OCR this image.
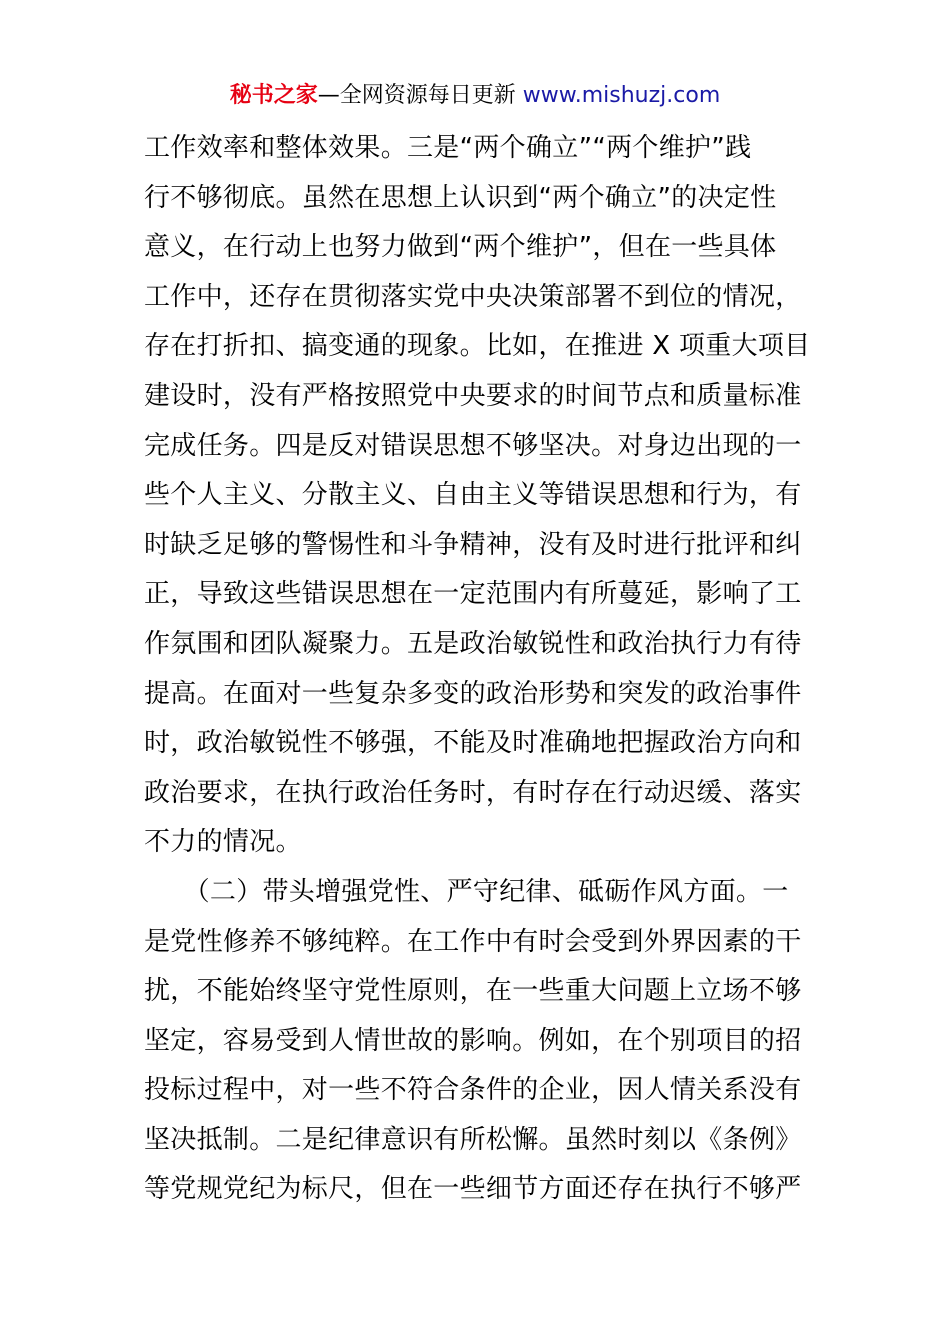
秘书之家—全网资源每日更新 www.mishuzj.com
工作效率和整体效果。三是“两个确立”“两个维护”践
行不够彻底。虽然在思想上认识到“两个确立”的决定性
意义，在行动上也努力做到“两个维护”，但在一些具体
工作中，还存在贯彻落实党中央决策部署不到位的情况，
存在打折扣、搞变通的现象。比如，在推进 X 项重大项目
建设时，没有严格按照党中央要求的时间节点和质量标准
完成任务。四是反对错误思想不够坚决。对身边出现的一
些个人主义、分散主义、自由主义等错误思想和行为，有
时缺乏足够的警惕性和斗争精神，没有及时进行批评和纠
正，导致这些错误思想在一定范围内有所蔓延，影响了工
作氛围和团队凝聚力。五是政治敏锐性和政治执行力有待
提高。在面对一些复杂多变的政治形势和突发的政治事件
时，政治敏锐性不够强，不能及时准确地把握政治方向和
政治要求，在执行政治任务时，有时存在行动迟缓、落实
不力的情况。
　　（二）带头增强党性、严守纪律、砥砺作风方面。一
是党性修养不够纯粹。在工作中有时会受到外界因素的干
扰，不能始终坚守党性原则，在一些重大问题上立场不够
坚定，容易受到人情世故的影响。例如，在个别项目的招
投标过程中，对一些不符合条件的企业，因人情关系没有
坚决抵制。二是纪律意识有所松懈。虽然时刻以《条例》
等党规党纪为标尺，但在一些细节方面还存在执行不够严
